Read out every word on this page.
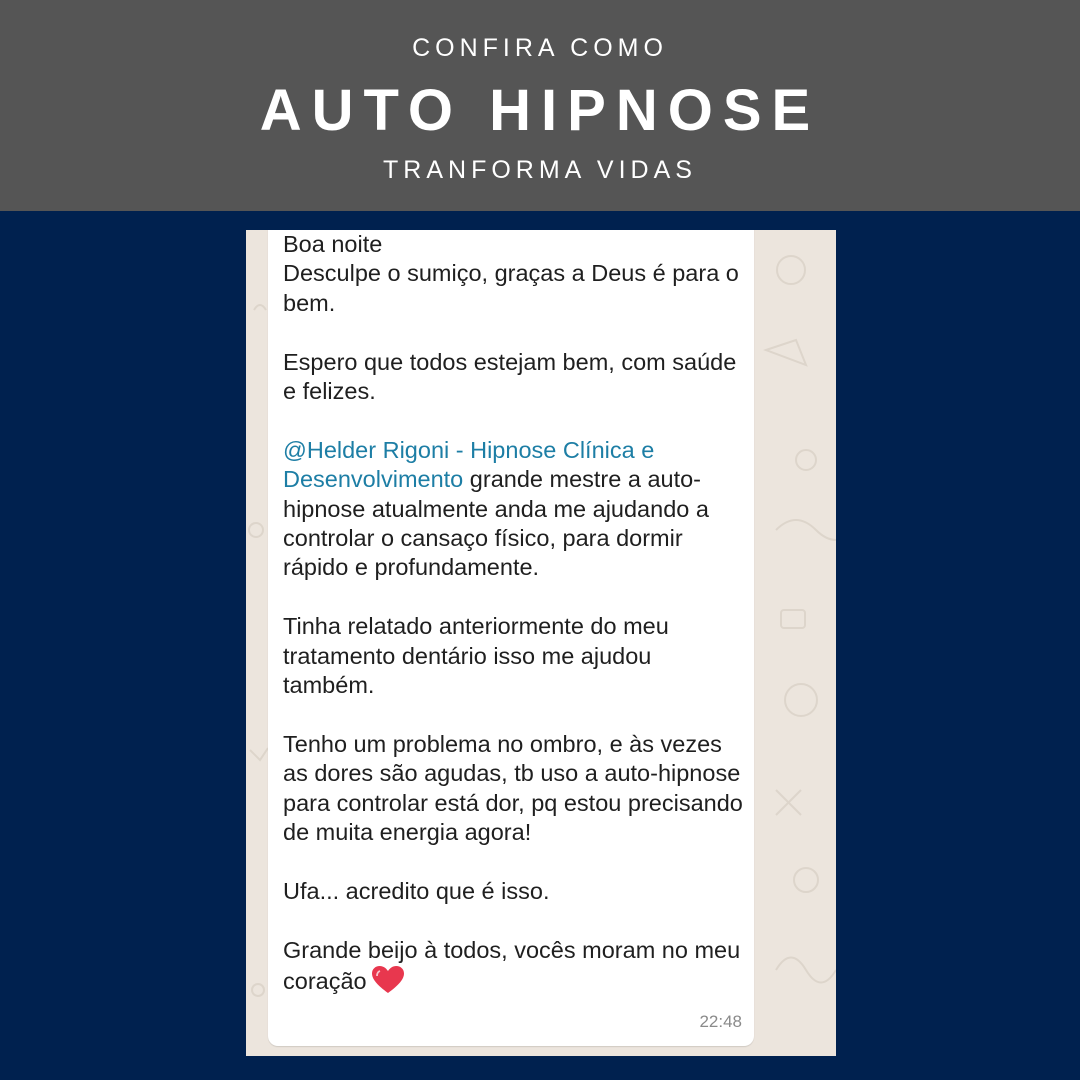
CONFIRA COMO
AUTO HIPNOSE
TRANFORMA VIDAS

Boa noite

Desculpe o sumiço, graças a Deus é para o bem.

Espero que todos estejam bem, com saúde e felizes.

@Helder Rigoni - Hipnose Clínica e Desenvolvimento grande mestre a auto-hipnose atualmente anda me ajudando a controlar o cansaço físico, para dormir rápido e profundamente.

Tinha relatado anteriormente do meu tratamento dentário isso me ajudou também.

Tenho um problema no ombro, e às vezes as dores são agudas, tb uso a auto-hipnose para controlar está dor, pq estou precisando de muita energia agora!

Ufa... acredito que é isso.

Grande beijo à todos, vocês moram no meu coração

22:48
